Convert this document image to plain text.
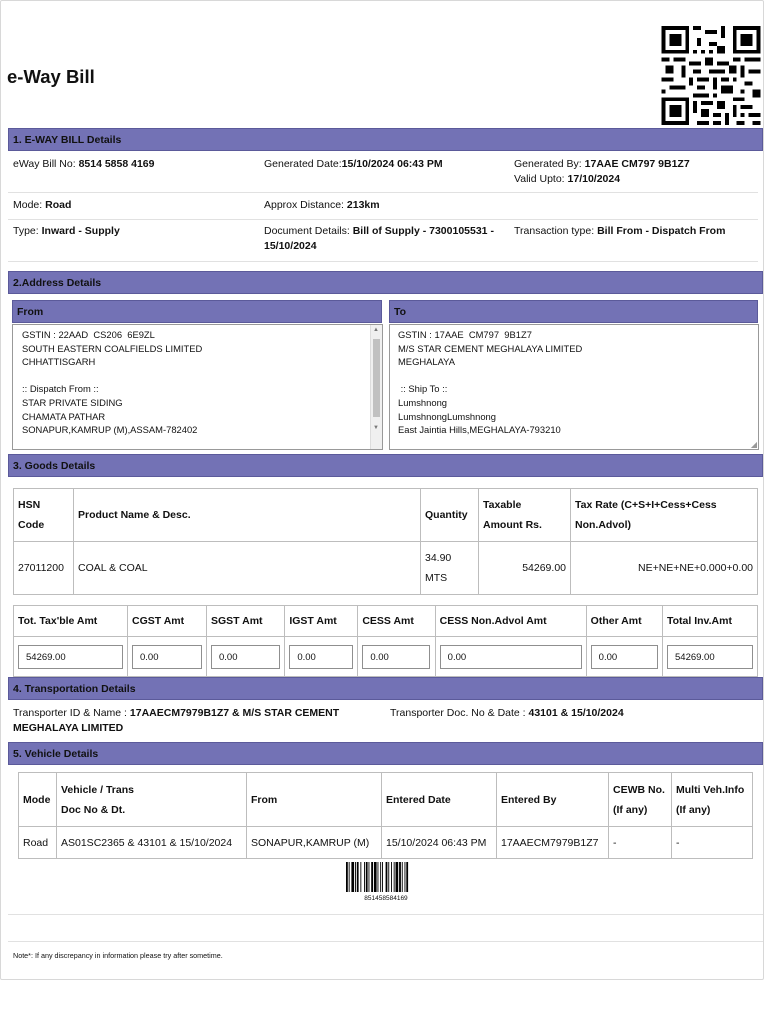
e-Way Bill
1. E-WAY BILL Details
eWay Bill No: 8514 5858 4169	Generated Date:15/10/2024 06:43 PM	Generated By: 17AAE CM797 9B1Z7
Valid Upto: 17/10/2024
Mode: Road	Approx Distance: 213km
Type: Inward - Supply	Document Details: Bill of Supply - 7300105531 -
15/10/2024
Transaction type: Bill From - Dispatch From
2.Address Details
From
GSTIN : 22AAD  CS206  6E9ZL
SOUTH EASTERN COALFIELDS LIMITED
CHHATTISGARH

:: Dispatch From ::
STAR PRIVATE SIDING
CHAMATA PATHAR
SONAPUR,KAMRUP (M),ASSAM-782402
▲
▼
To
GSTIN : 17AAE  CM797  9B1Z7
M/S STAR CEMENT MEGHALAYA LIMITED
MEGHALAYA

:: Ship To ::
Lumshnong
LumshnongLumshnong
East Jaintia Hills,MEGHALAYA-793210
◢
3. Goods Details
HSN
Code	Product Name & Desc.	Quantity	Taxable
Amount Rs.	Tax Rate (C+S+I+Cess+Cess
Non.Advol)
27011200	COAL & COAL	34.90
MTS	54269.00	NE+NE+NE+0.000+0.00
Tot. Tax'ble Amt	CGST Amt	SGST Amt	IGST Amt	CESS Amt	CESS Non.Advol Amt	Other Amt	Total Inv.Amt
54269.00	0.00	0.00	0.00	0.00	0.00	0.00	54269.00
4. Transportation Details
Transporter ID & Name : 17AAECM7979B1Z7 & M/S STAR CEMENT
MEGHALAYA LIMITED
Transporter Doc. No & Date : 43101 & 15/10/2024
5. Vehicle Details
Mode	Vehicle / Trans
Doc No & Dt.	From	Entered Date	Entered By	CEWB No.
(If any)	Multi Veh.Info
(If any)
Road	AS01SC2365 & 43101 & 15/10/2024	SONAPUR,KAMRUP (M)	15/10/2024 06:43 PM	17AAECM7979B1Z7	-	-
851458584169
Note*: If any discrepancy in information please try after sometime.
